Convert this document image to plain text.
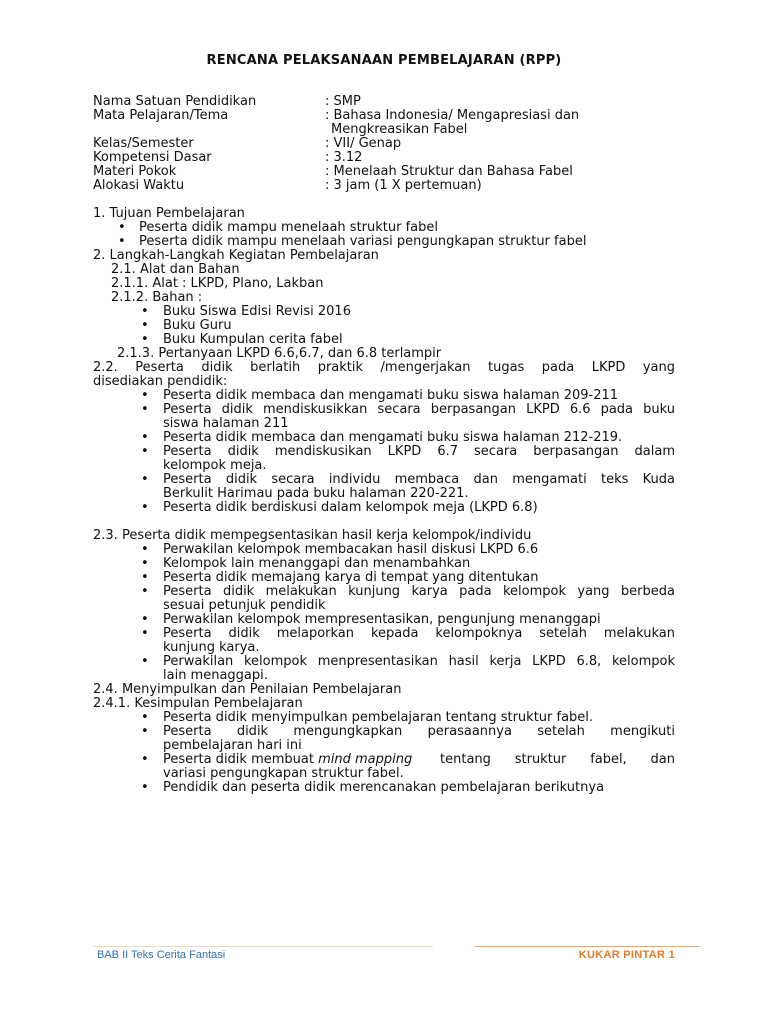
RENCANA PELAKSANAAN PEMBELAJARAN (RPP)
Nama Satuan Pendidikan	: SMP
Mata Pelajaran/Tema	: Bahasa Indonesia/ Mengapresiasi dan
Mengkreasikan Fabel
Kelas/Semester	: VII/ Genap
Kompetensi Dasar	: 3.12
Materi Pokok	: Menelaah Struktur dan Bahasa Fabel
Alokasi Waktu	: 3 jam (1 X pertemuan)
1. Tujuan Pembelajaran
• Peserta didik mampu menelaah struktur fabel
• Peserta didik mampu menelaah variasi pengungkapan struktur fabel
2. Langkah-Langkah Kegiatan Pembelajaran
2.1. Alat dan Bahan
2.1.1. Alat : LKPD, Plano, Lakban
2.1.2. Bahan :
• Buku Siswa Edisi Revisi 2016
• Buku Guru
• Buku Kumpulan cerita fabel
2.1.3. Pertanyaan LKPD 6.6,6.7, dan 6.8 terlampir
2.2. Peserta didik berlatih praktik /mengerjakan tugas pada LKPD yang
disediakan pendidik:
• Peserta didik membaca dan mengamati buku siswa halaman 209-211
• Peserta didik mendiskusikkan secara berpasangan LKPD 6.6 pada buku
siswa halaman 211
• Peserta didik membaca dan mengamati buku siswa halaman 212-219.
• Peserta didik mendiskusikan LKPD 6.7 secara berpasangan dalam
kelompok meja.
• Peserta didik secara individu membaca dan mengamati teks Kuda
Berkulit Harimau pada buku halaman 220-221.
• Peserta didik berdiskusi dalam kelompok meja (LKPD 6.8)
2.3. Peserta didik mempegsentasikan hasil kerja kelompok/individu
• Perwakilan kelompok membacakan hasil diskusi LKPD 6.6
• Kelompok lain menanggapi dan menambahkan
• Peserta didik memajang karya di tempat yang ditentukan
• Peserta didik melakukan kunjung karya pada kelompok yang berbeda
sesuai petunjuk pendidik
• Perwakilan kelompok mempresentasikan, pengunjung menanggapi
• Peserta didik melaporkan kepada kelompoknya setelah melakukan
kunjung karya.
• Perwakilan kelompok menpresentasikan hasil kerja LKPD 6.8, kelompok
lain menaggapi.
2.4. Menyimpulkan dan Penilaian Pembelajaran
2.4.1. Kesimpulan Pembelajaran
• Peserta didik menyimpulkan pembelajaran tentang struktur fabel.
• Peserta didik mengungkapkan perasaannya setelah mengikuti
pembelajaran hari ini
• Peserta didik membuat mind mapping tentang struktur fabel, dan
variasi pengungkapan struktur fabel.
• Pendidik dan peserta didik merencanakan pembelajaran berikutnya
BAB II Teks Cerita Fantasi	KUKAR PINTAR 1
